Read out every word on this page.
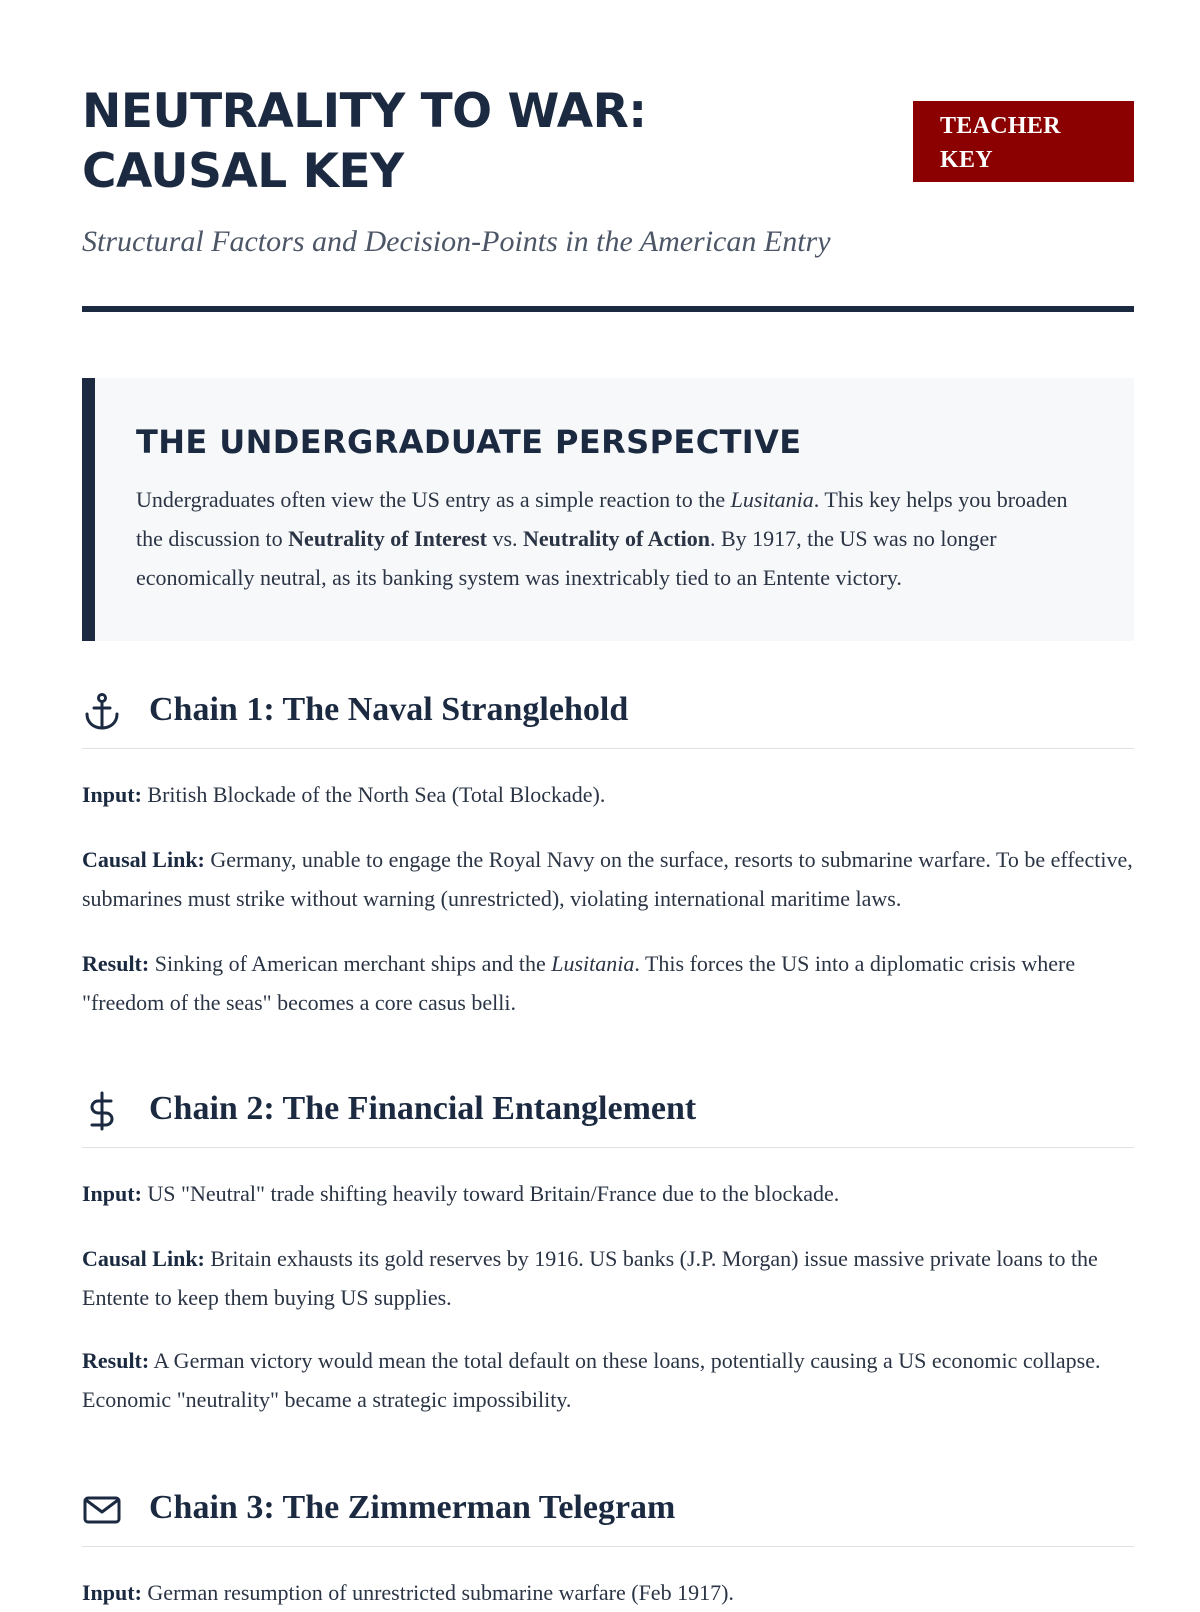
NEUTRALITY TO WAR: CAUSAL KEY
Structural Factors and Decision-Points in the American Entry
TEACHER KEY
THE UNDERGRADUATE PERSPECTIVE

Undergraduates often view the US entry as a simple reaction to the Lusitania. This key helps you broaden the discussion to Neutrality of Interest vs. Neutrality of Action. By 1917, the US was no longer economically neutral, as its banking system was inextricably tied to an Entente victory.

Chain 1: The Naval Stranglehold

Input: British Blockade of the North Sea (Total Blockade).

Causal Link: Germany, unable to engage the Royal Navy on the surface, resorts to submarine warfare. To be effective, submarines must strike without warning (unrestricted), violating international maritime laws.

Result: Sinking of American merchant ships and the Lusitania. This forces the US into a diplomatic crisis where "freedom of the seas" becomes a core casus belli.

Chain 2: The Financial Entanglement

Input: US "Neutral" trade shifting heavily toward Britain/France due to the blockade.

Causal Link: Britain exhausts its gold reserves by 1916. US banks (J.P. Morgan) issue massive private loans to the Entente to keep them buying US supplies.

Result: A German victory would mean the total default on these loans, potentially causing a US economic collapse. Economic "neutrality" became a strategic impossibility.

Chain 3: The Zimmerman Telegram

Input: German resumption of unrestricted submarine warfare (Feb 1917).
